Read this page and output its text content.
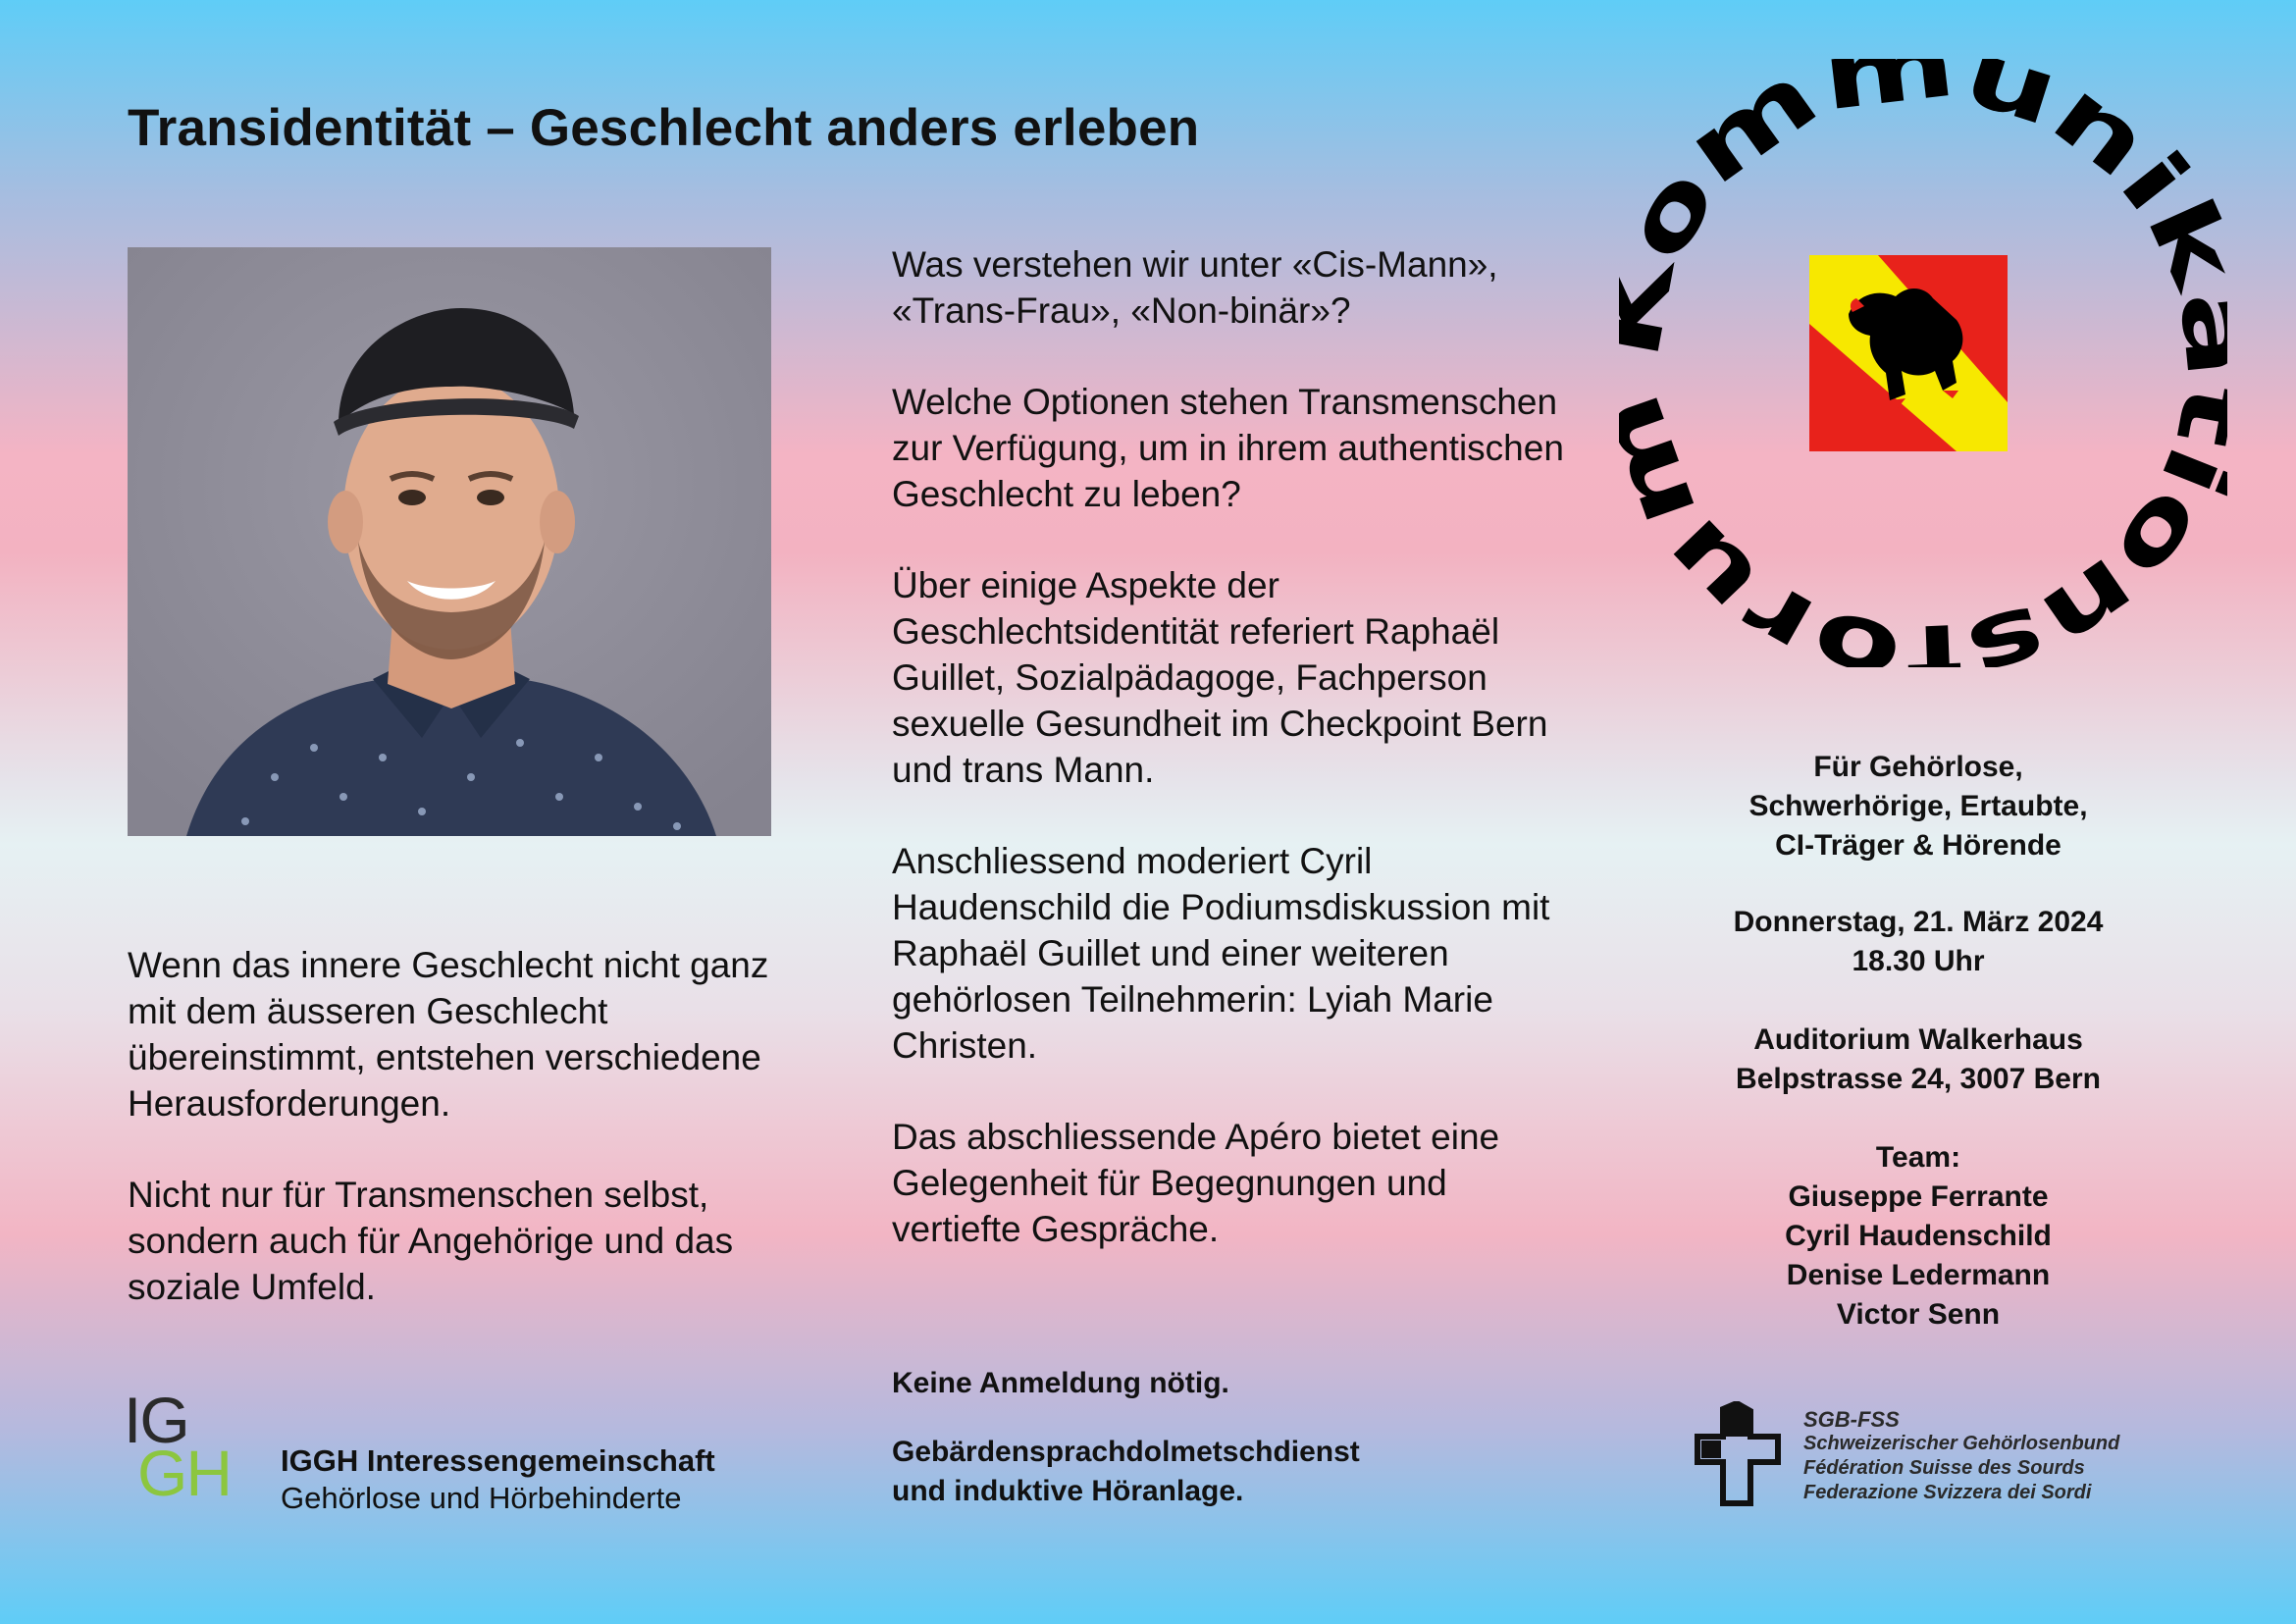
Transidentität – Geschlecht anders erleben

Wenn das innere Geschlecht nicht ganz mit dem äusseren Geschlecht übereinstimmt, entstehen verschiedene Herausforderungen.

Nicht nur für Transmenschen selbst, sondern auch für Angehörige und das soziale Umfeld.

Was verstehen wir unter «Cis-Mann», «Trans-Frau», «Non-binär»?

Welche Optionen stehen Transmenschen zur Verfügung, um in ihrem authentischen Geschlecht zu leben?

Über einige Aspekte der Geschlechtsidentität referiert Raphaël Guillet, Sozialpädagoge, Fachperson sexuelle Gesundheit im Checkpoint Bern und trans Mann.

Anschliessend moderiert Cyril Haudenschild die Podiumsdiskussion mit Raphaël Guillet und einer weiteren gehörlosen Teilnehmerin: Lyiah Marie Christen.

Das abschliessende Apéro bietet eine Gelegenheit für Begegnungen und vertiefte Gespräche.

Keine Anmeldung nötig.
Gebärdensprachdolmetschdienst
und induktive Höranlage.
mmuni onsforu
Für Gehörlose,
Schwerhörige, Ertaubte,
CI-Träger & Hörende
Donnerstag, 21. März 2024
18.30 Uhr
Auditorium Walkerhaus
Belpstrasse 24, 3007 Bern
Team:
Giuseppe Ferrante
Cyril Haudenschild
Denise Ledermann
Victor Senn
IG
GH IGGH Interessengemeinschaft
Gehörlose und Hörbehinderte
SGB-FSS
Schweizerischer Gehörlosenbund
Fédération Suisse des Sourds
Federazione Svizzera dei Sordi
